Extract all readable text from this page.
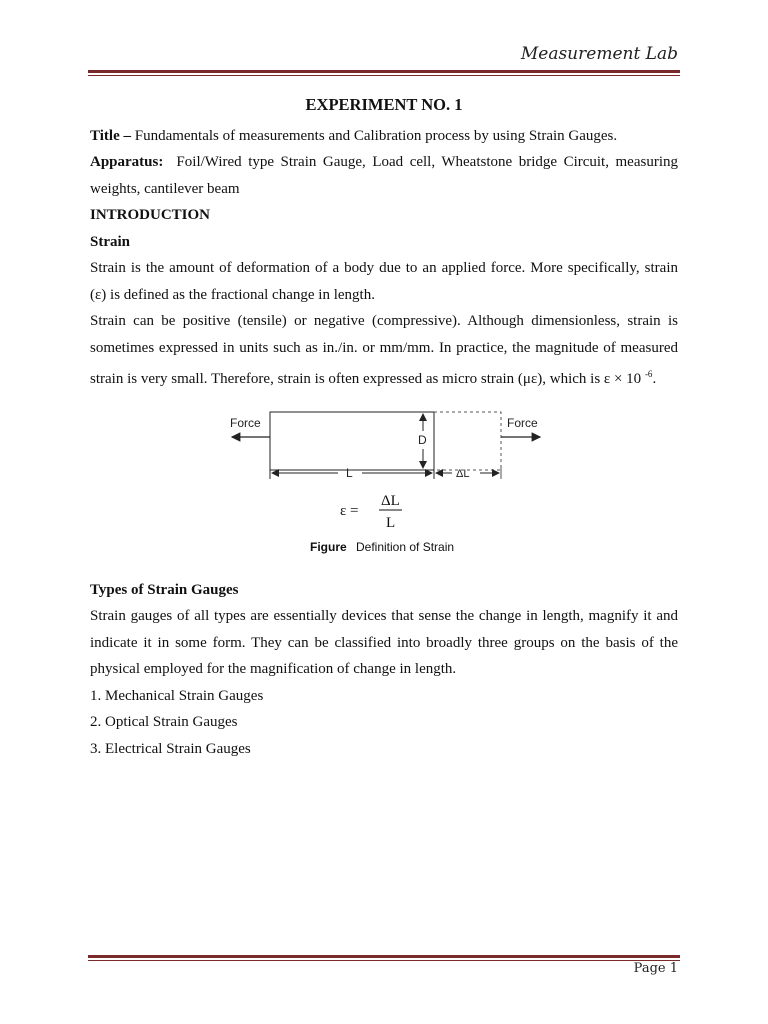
Measurement Lab
EXPERIMENT NO. 1

Title – Fundamentals of measurements and Calibration process by using Strain Gauges.

Apparatus:  Foil/Wired type Strain Gauge, Load cell, Wheatstone bridge Circuit, measuring weights, cantilever beam

INTRODUCTION

Strain

Strain is the amount of deformation of a body due to an applied force. More specifically, strain (ε) is defined as the fractional change in length.

Strain can be positive (tensile) or negative (compressive). Although dimensionless, strain is sometimes expressed in units such as in./in. or mm/mm. In practice, the magnitude of measured strain is very small. Therefore, strain is often expressed as micro strain (με), which is ε × 10 $^{-6}$.

Force	Force
D
L	ΔL
ε =
ΔL
L
Figure Definition of Strain

Types of Strain Gauges

Strain gauges of all types are essentially devices that sense the change in length, magnify it and indicate it in some form. They can be classified into broadly three groups on the basis of the physical employed for the magnification of change in length.

1. Mechanical Strain Gauges

2. Optical Strain Gauges

3. Electrical Strain Gauges

Page 1
